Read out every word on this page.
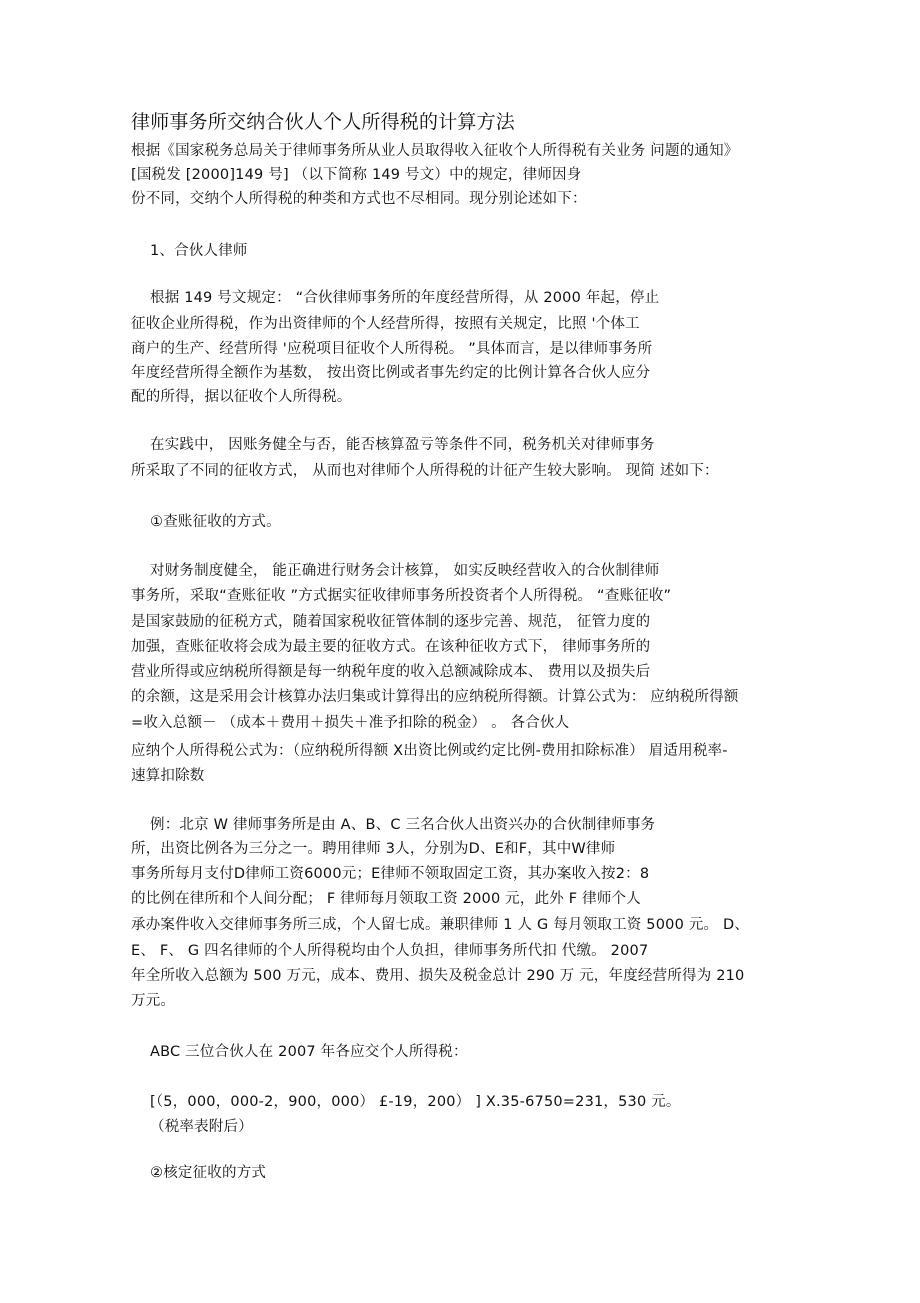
律师事务所交纳合伙人个人所得税的计算方法
根据《国家税务总局关于律师事务所从业人员取得收入征收个人所得税有关业务 问题的通知》
[国税发 [2000]149 号] （以下简称 149 号文）中的规定，律师因身
份不同，交纳个人所得税的种类和方式也不尽相同。现分别论述如下：
1、合伙人律师
根据 149 号文规定： “合伙律师事务所的年度经营所得，从 2000 年起，停止
征收企业所得税，作为出资律师的个人经营所得，按照有关规定，比照 '个体工
商户的生产、经营所得 '应税项目征收个人所得税。 ”具体而言，是以律师事务所
年度经营所得全额作为基数， 按出资比例或者事先约定的比例计算各合伙人应分
配的所得，据以征收个人所得税。
在实践中， 因账务健全与否，能否核算盈亏等条件不同，税务机关对律师事务
所采取了不同的征收方式， 从而也对律师个人所得税的计征产生较大影响。 现简 述如下：
①查账征收的方式。
对财务制度健全， 能正确进行财务会计核算， 如实反映经营收入的合伙制律师
事务所，采取“查账征收 ”方式据实征收律师事务所投资者个人所得税。 “查账征收”
是国家鼓励的征税方式，随着国家税收征管体制的逐步完善、规范， 征管力度的
加强，查账征收将会成为最主要的征收方式。在该种征收方式下， 律师事务所的
营业所得或应纳税所得额是每一纳税年度的收入总额减除成本、 费用以及损失后
的余额，这是采用会计核算办法归集或计算得出的应纳税所得额。计算公式为： 应纳税所得额
=收入总额－ （成本＋费用＋损失＋准予扣除的税金） 。 各合伙人
应纳个人所得税公式为：（应纳税所得额 X出资比例或约定比例-费用扣除标准） 眉适用税率-
速算扣除数
例：北京 W 律师事务所是由 A、B、C 三名合伙人出资兴办的合伙制律师事务
所，出资比例各为三分之一。聘用律师 3人，分别为D、E和F，其中W律师
事务所每月支付D律师工资6000元；E律师不领取固定工资，其办案收入按2：8
的比例在律所和个人间分配； F 律师每月领取工资 2000 元，此外 F 律师个人
承办案件收入交律师事务所三成，个人留七成。兼职律师 1 人 G 每月领取工资 5000 元。 D、
E、 F、 G 四名律师的个人所得税均由个人负担，律师事务所代扣 代缴。 2007
年全所收入总额为 500 万元，成本、费用、损失及税金总计 290 万 元，年度经营所得为 210
万元。
ABC 三位合伙人在 2007 年各应交个人所得税：
[（5，000，000-2，900，000） £-19，200） ] X.35-6750=231，530 元。
（税率表附后）
②核定征收的方式
